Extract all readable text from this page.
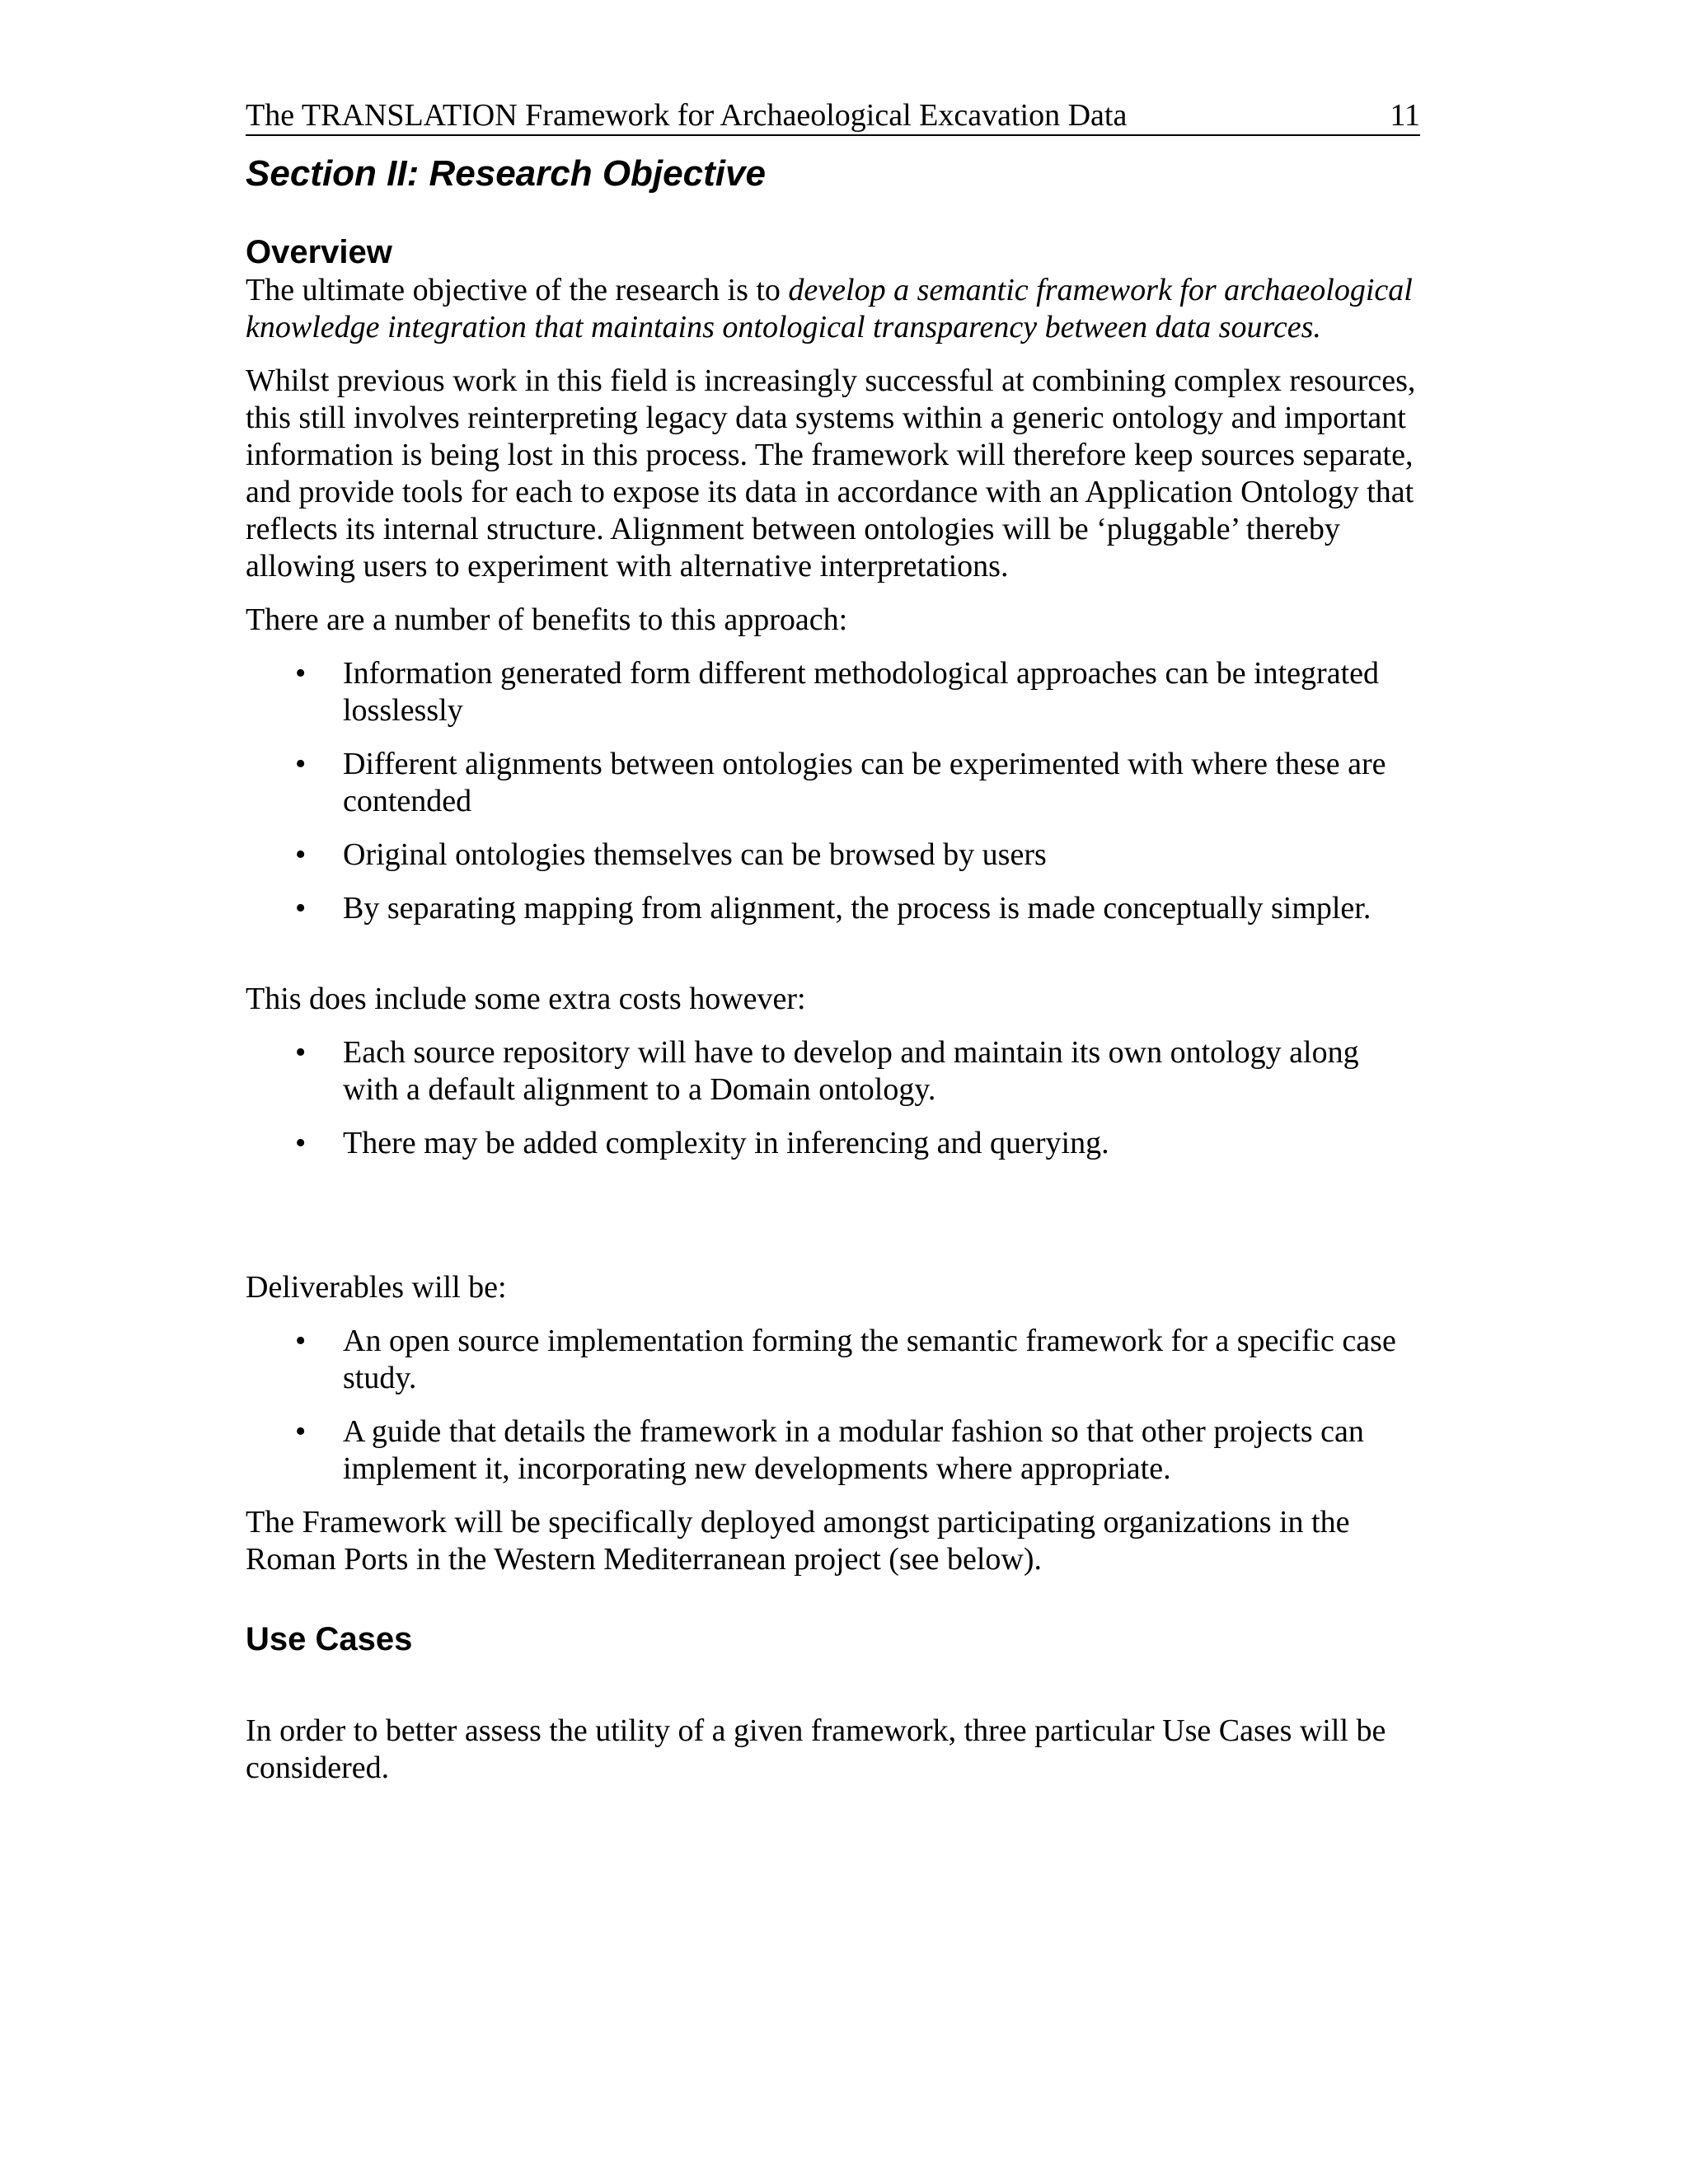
The TRANSLATION Framework for Archaeological Excavation Data	11
Section II: Research Objective
Overview

The ultimate objective of the research is to develop a semantic framework for archaeological knowledge integration that maintains ontological transparency between data sources.

Whilst previous work in this field is increasingly successful at combining complex resources, this still involves reinterpreting legacy data systems within a generic ontology and important information is being lost in this process. The framework will therefore keep sources separate, and provide tools for each to expose its data in accordance with an Application Ontology that reflects its internal structure. Alignment between ontologies will be ‘pluggable’ thereby allowing users to experiment with alternative interpretations.

There are a number of benefits to this approach:

•	Information generated form different methodological approaches can be integrated losslessly
•	Different alignments between ontologies can be experimented with where these are contended
•	Original ontologies themselves can be browsed by users
•	By separating mapping from alignment, the process is made conceptually simpler.

This does include some extra costs however:

•	Each source repository will have to develop and maintain its own ontology along with a default alignment to a Domain ontology.
•	There may be added complexity in inferencing and querying.

Deliverables will be:

•	An open source implementation forming the semantic framework for a specific case study.
•	A guide that details the framework in a modular fashion so that other projects can implement it, incorporating new developments where appropriate.

The Framework will be specifically deployed amongst participating organizations in the Roman Ports in the Western Mediterranean project (see below).

Use Cases

In order to better assess the utility of a given framework, three particular Use Cases will be considered.
